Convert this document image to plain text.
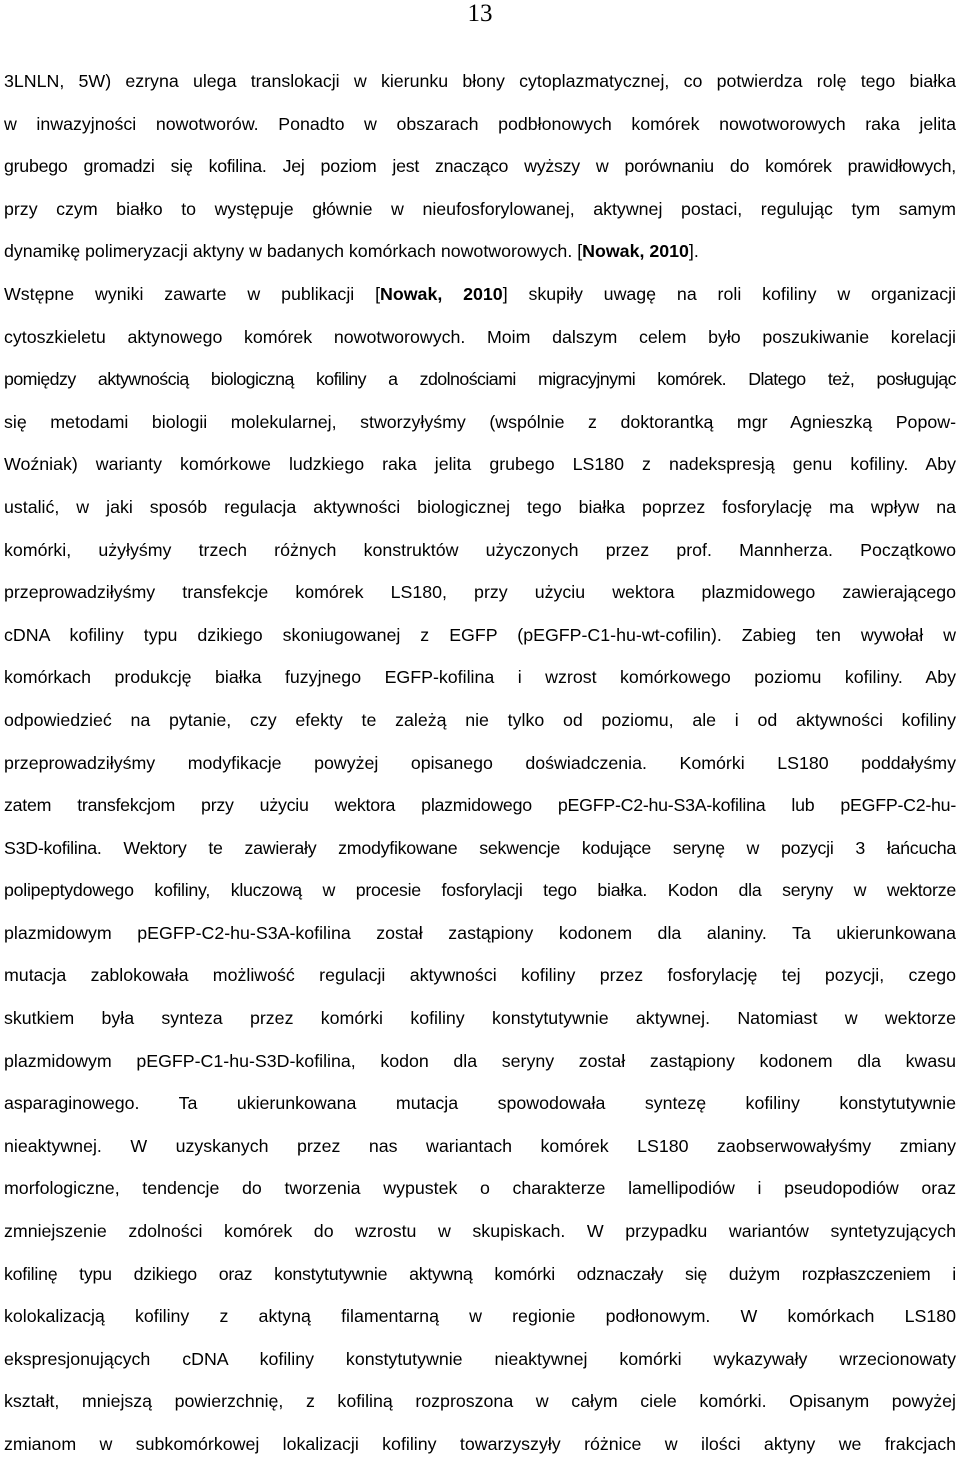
13
3LNLN, 5W) ezryna ulega translokacji w kierunku błony cytoplazmatycznej, co potwierdza rolę tego białka
w inwazyjności nowotworów. Ponadto w obszarach podbłonowych komórek nowotworowych raka jelita
grubego gromadzi się kofilina. Jej poziom jest znacząco wyższy w porównaniu do komórek prawidłowych,
przy czym białko to występuje głównie w nieufosforylowanej, aktywnej postaci, regulując tym samym
dynamikę polimeryzacji aktyny w badanych komórkach nowotworowych. [Nowak, 2010].
Wstępne wyniki zawarte w publikacji [Nowak, 2010] skupiły uwagę na roli kofiliny w organizacji
cytoszkieletu aktynowego komórek nowotworowych. Moim dalszym celem było poszukiwanie korelacji
pomiędzy aktywnością biologiczną kofiliny a zdolnościami migracyjnymi komórek. Dlatego też, posługując
się metodami biologii molekularnej, stworzyłyśmy (wspólnie z doktorantką mgr Agnieszką Popow-
Woźniak) warianty komórkowe ludzkiego raka jelita grubego LS180 z nadekspresją genu kofiliny. Aby
ustalić, w jaki sposób regulacja aktywności biologicznej tego białka poprzez fosforylację ma wpływ na
komórki, użyłyśmy trzech różnych konstruktów użyczonych przez prof. Mannherza. Początkowo
przeprowadziłyśmy transfekcje komórek LS180, przy użyciu wektora plazmidowego zawierającego
cDNA kofiliny typu dzikiego skoniugowanej z EGFP (pEGFP-C1-hu-wt-cofilin). Zabieg ten wywołał w
komórkach produkcję białka fuzyjnego EGFP-kofilina i wzrost komórkowego poziomu kofiliny. Aby
odpowiedzieć na pytanie, czy efekty te zależą nie tylko od poziomu, ale i od aktywności kofiliny
przeprowadziłyśmy modyfikacje powyżej opisanego doświadczenia. Komórki LS180 poddałyśmy
zatem transfekcjom przy użyciu wektora plazmidowego pEGFP-C2-hu-S3A-kofilina lub pEGFP-C2-hu-
S3D-kofilina. Wektory te zawierały zmodyfikowane sekwencje kodujące serynę w pozycji 3 łańcucha
polipeptydowego kofiliny, kluczową w procesie fosforylacji tego białka. Kodon dla seryny w wektorze
plazmidowym pEGFP-C2-hu-S3A-kofilina został zastąpiony kodonem dla alaniny. Ta ukierunkowana
mutacja zablokowała możliwość regulacji aktywności kofiliny przez fosforylację tej pozycji, czego
skutkiem była synteza przez komórki kofiliny konstytutywnie aktywnej. Natomiast w wektorze
plazmidowym pEGFP-C1-hu-S3D-kofilina, kodon dla seryny został zastąpiony kodonem dla kwasu
asparaginowego. Ta ukierunkowana mutacja spowodowała syntezę kofiliny konstytutywnie
nieaktywnej. W uzyskanych przez nas wariantach komórek LS180 zaobserwowałyśmy zmiany
morfologiczne, tendencje do tworzenia wypustek o charakterze lamellipodiów i pseudopodiów oraz
zmniejszenie zdolności komórek do wzrostu w skupiskach. W przypadku wariantów syntetyzujących
kofilinę typu dzikiego oraz konstytutywnie aktywną komórki odznaczały się dużym rozpłaszczeniem i
kolokalizacją kofiliny z aktyną filamentarną w regionie podłonowym. W komórkach LS180
ekspresjonujących cDNA kofiliny konstytutywnie nieaktywnej komórki wykazywały wrzecionowaty
kształt, mniejszą powierzchnię, z kofiliną rozproszona w całym ciele komórki. Opisanym powyżej
zmianom w subkomórkowej lokalizacji kofiliny towarzyszyły różnice w ilości aktyny we frakcjach
